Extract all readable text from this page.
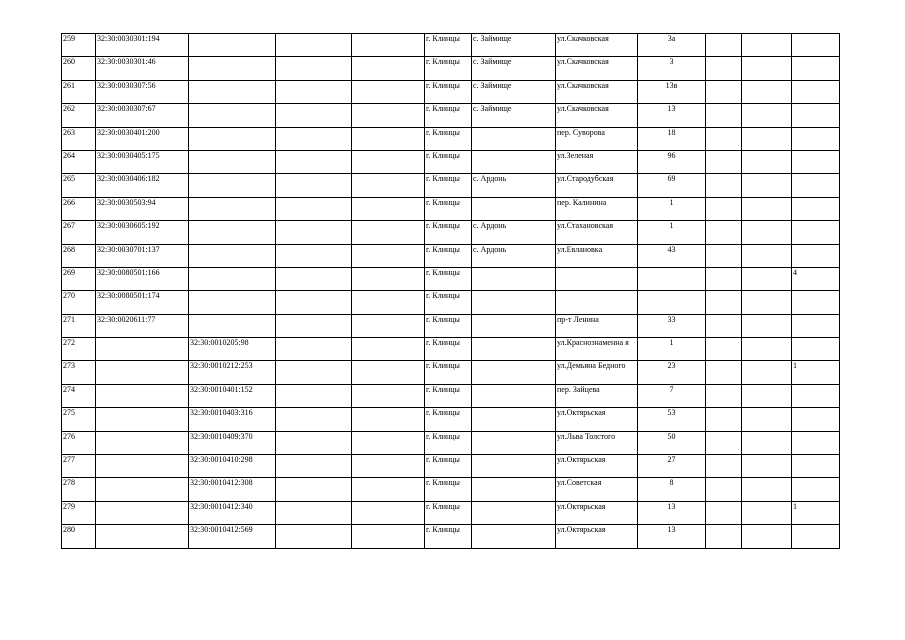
259	32:30:0030301:194				г. Клинцы	с. Займище	ул.Скачковская	3а			
260	32:30:0030301:46				г. Клинцы	с. Займище	ул.Скачковская	3			
261	32:30:0030307:56				г. Клинцы	с. Займище	ул.Скачковская	13в			
262	32:30:0030307:67				г. Клинцы	с. Займище	ул.Скачковская	13			
263	32:30:0030401:200				г. Клинцы		пер. Суворова	18			
264	32:30:0030405:175				г. Клинцы		ул.Зеленая	96			
265	32:30:0030406:182				г. Клинцы	с. Ардонь	ул.Стародубская	69			
266	32:30:0030503:94				г. Клинцы		пер. Калинина	1			
267	32:30:0030605:192				г. Клинцы	с. Ардонь	ул.Стахановская	1			
268	32:30:0030701:137				г. Клинцы	с. Ардонь	ул.Евлановка	43			
269	32:30:0080501:166				г. Клинцы						4
270	32:30:0080501:174				г. Клинцы						
271	32:30:0020611:77				г. Клинцы		пр-т Ленина	33			
272		32:30:0010205:98			г. Клинцы		ул.Краснознаменна я	1			
273		32:30:0010212:253			г. Клинцы		ул.Демьяна Бедного	23			1
274		32:30:0010401:152			г. Клинцы		пер. Зайцева	7			
275		32:30:0010403:316			г. Клинцы		ул.Октярьская	53			
276		32:30:0010409:370			г. Клинцы		ул.Льва Толстого	50			
277		32:30:0010410:298			г. Клинцы		ул.Октярьская	27			
278		32:30:0010412:308			г. Клинцы		ул.Советская	8			
279		32:30:0010412:340			г. Клинцы		ул.Октярьская	13			1
280		32:30:0010412:569			г. Клинцы		ул.Октярьская	13			
